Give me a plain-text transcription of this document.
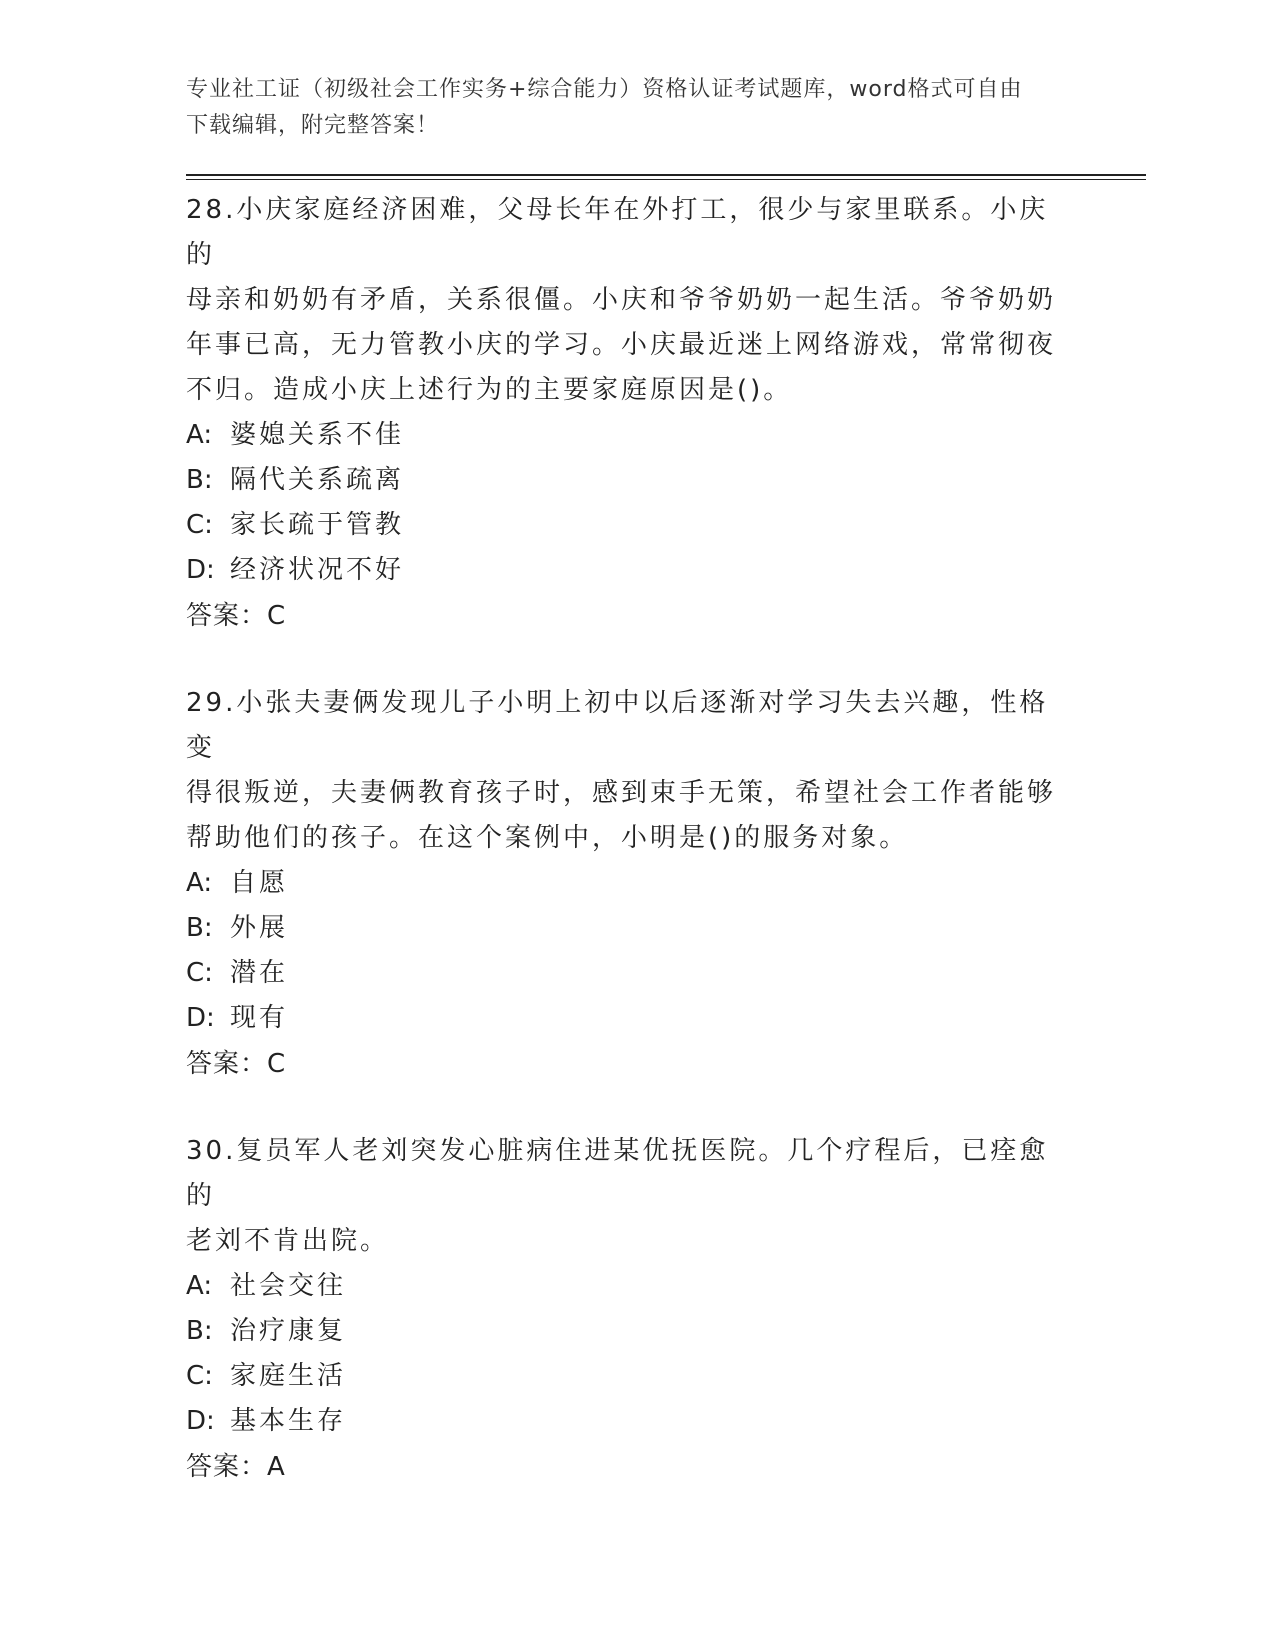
专业社工证（初级社会工作实务+综合能力）资格认证考试题库，word格式可自由
下载编辑，附完整答案！

28.小庆家庭经济困难，父母长年在外打工，很少与家里联系。小庆的

母亲和奶奶有矛盾，关系很僵。小庆和爷爷奶奶一起生活。爷爷奶奶

年事已高，无力管教小庆的学习。小庆最近迷上网络游戏，常常彻夜

不归。造成小庆上述行为的主要家庭原因是()。

A: 婆媳关系不佳

B: 隔代关系疏离

C: 家长疏于管教

D: 经济状况不好

答案：C

29.小张夫妻俩发现儿子小明上初中以后逐渐对学习失去兴趣，性格变

得很叛逆，夫妻俩教育孩子时，感到束手无策，希望社会工作者能够

帮助他们的孩子。在这个案例中，小明是()的服务对象。

A: 自愿

B: 外展

C: 潜在

D: 现有

答案：C

30.复员军人老刘突发心脏病住进某优抚医院。几个疗程后，已痊愈的

老刘不肯出院。

A: 社会交往

B: 治疗康复

C: 家庭生活

D: 基本生存

答案：A
